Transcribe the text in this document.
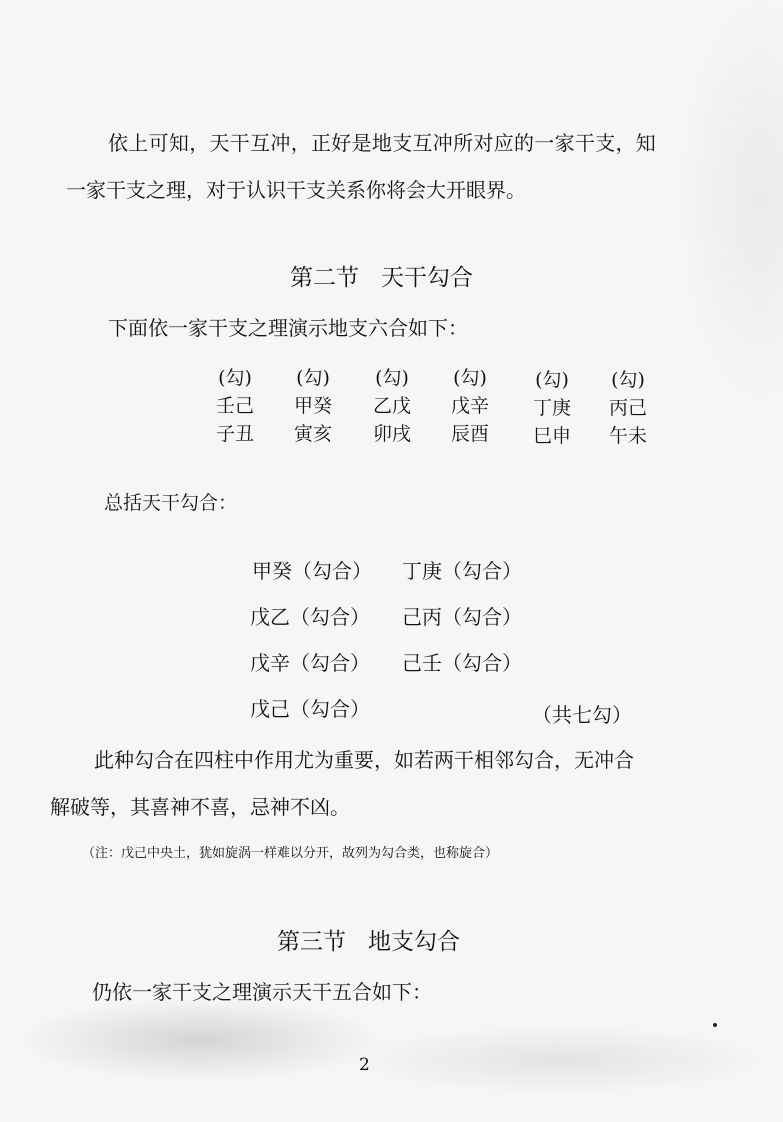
依上可知，天干互冲，正好是地支互冲所对应的一家干支，知
一家干支之理，对于认识干支关系你将会大开眼界。
第二节 天干勾合
下面依一家干支之理演示地支六合如下：
(勾)
壬己
子丑
(勾)
甲癸
寅亥
(勾)
乙戊
卯戌
(勾)
戊辛
辰酉
(勾)
丁庚
巳申
(勾)
丙己
午未
总括天干勾合：
甲癸（勾合） 丁庚（勾合）
戊乙（勾合） 己丙（勾合）
戊辛（勾合） 己壬（勾合）
戊己（勾合）	（共七勾）
此种勾合在四柱中作用尤为重要，如若两干相邻勾合，无冲合
解破等，其喜神不喜，忌神不凶。
（注：戊己中央土，犹如旋涡一样难以分开，故列为勾合类，也称旋合）
第三节 地支勾合
仍依一家干支之理演示天干五合如下：
2
